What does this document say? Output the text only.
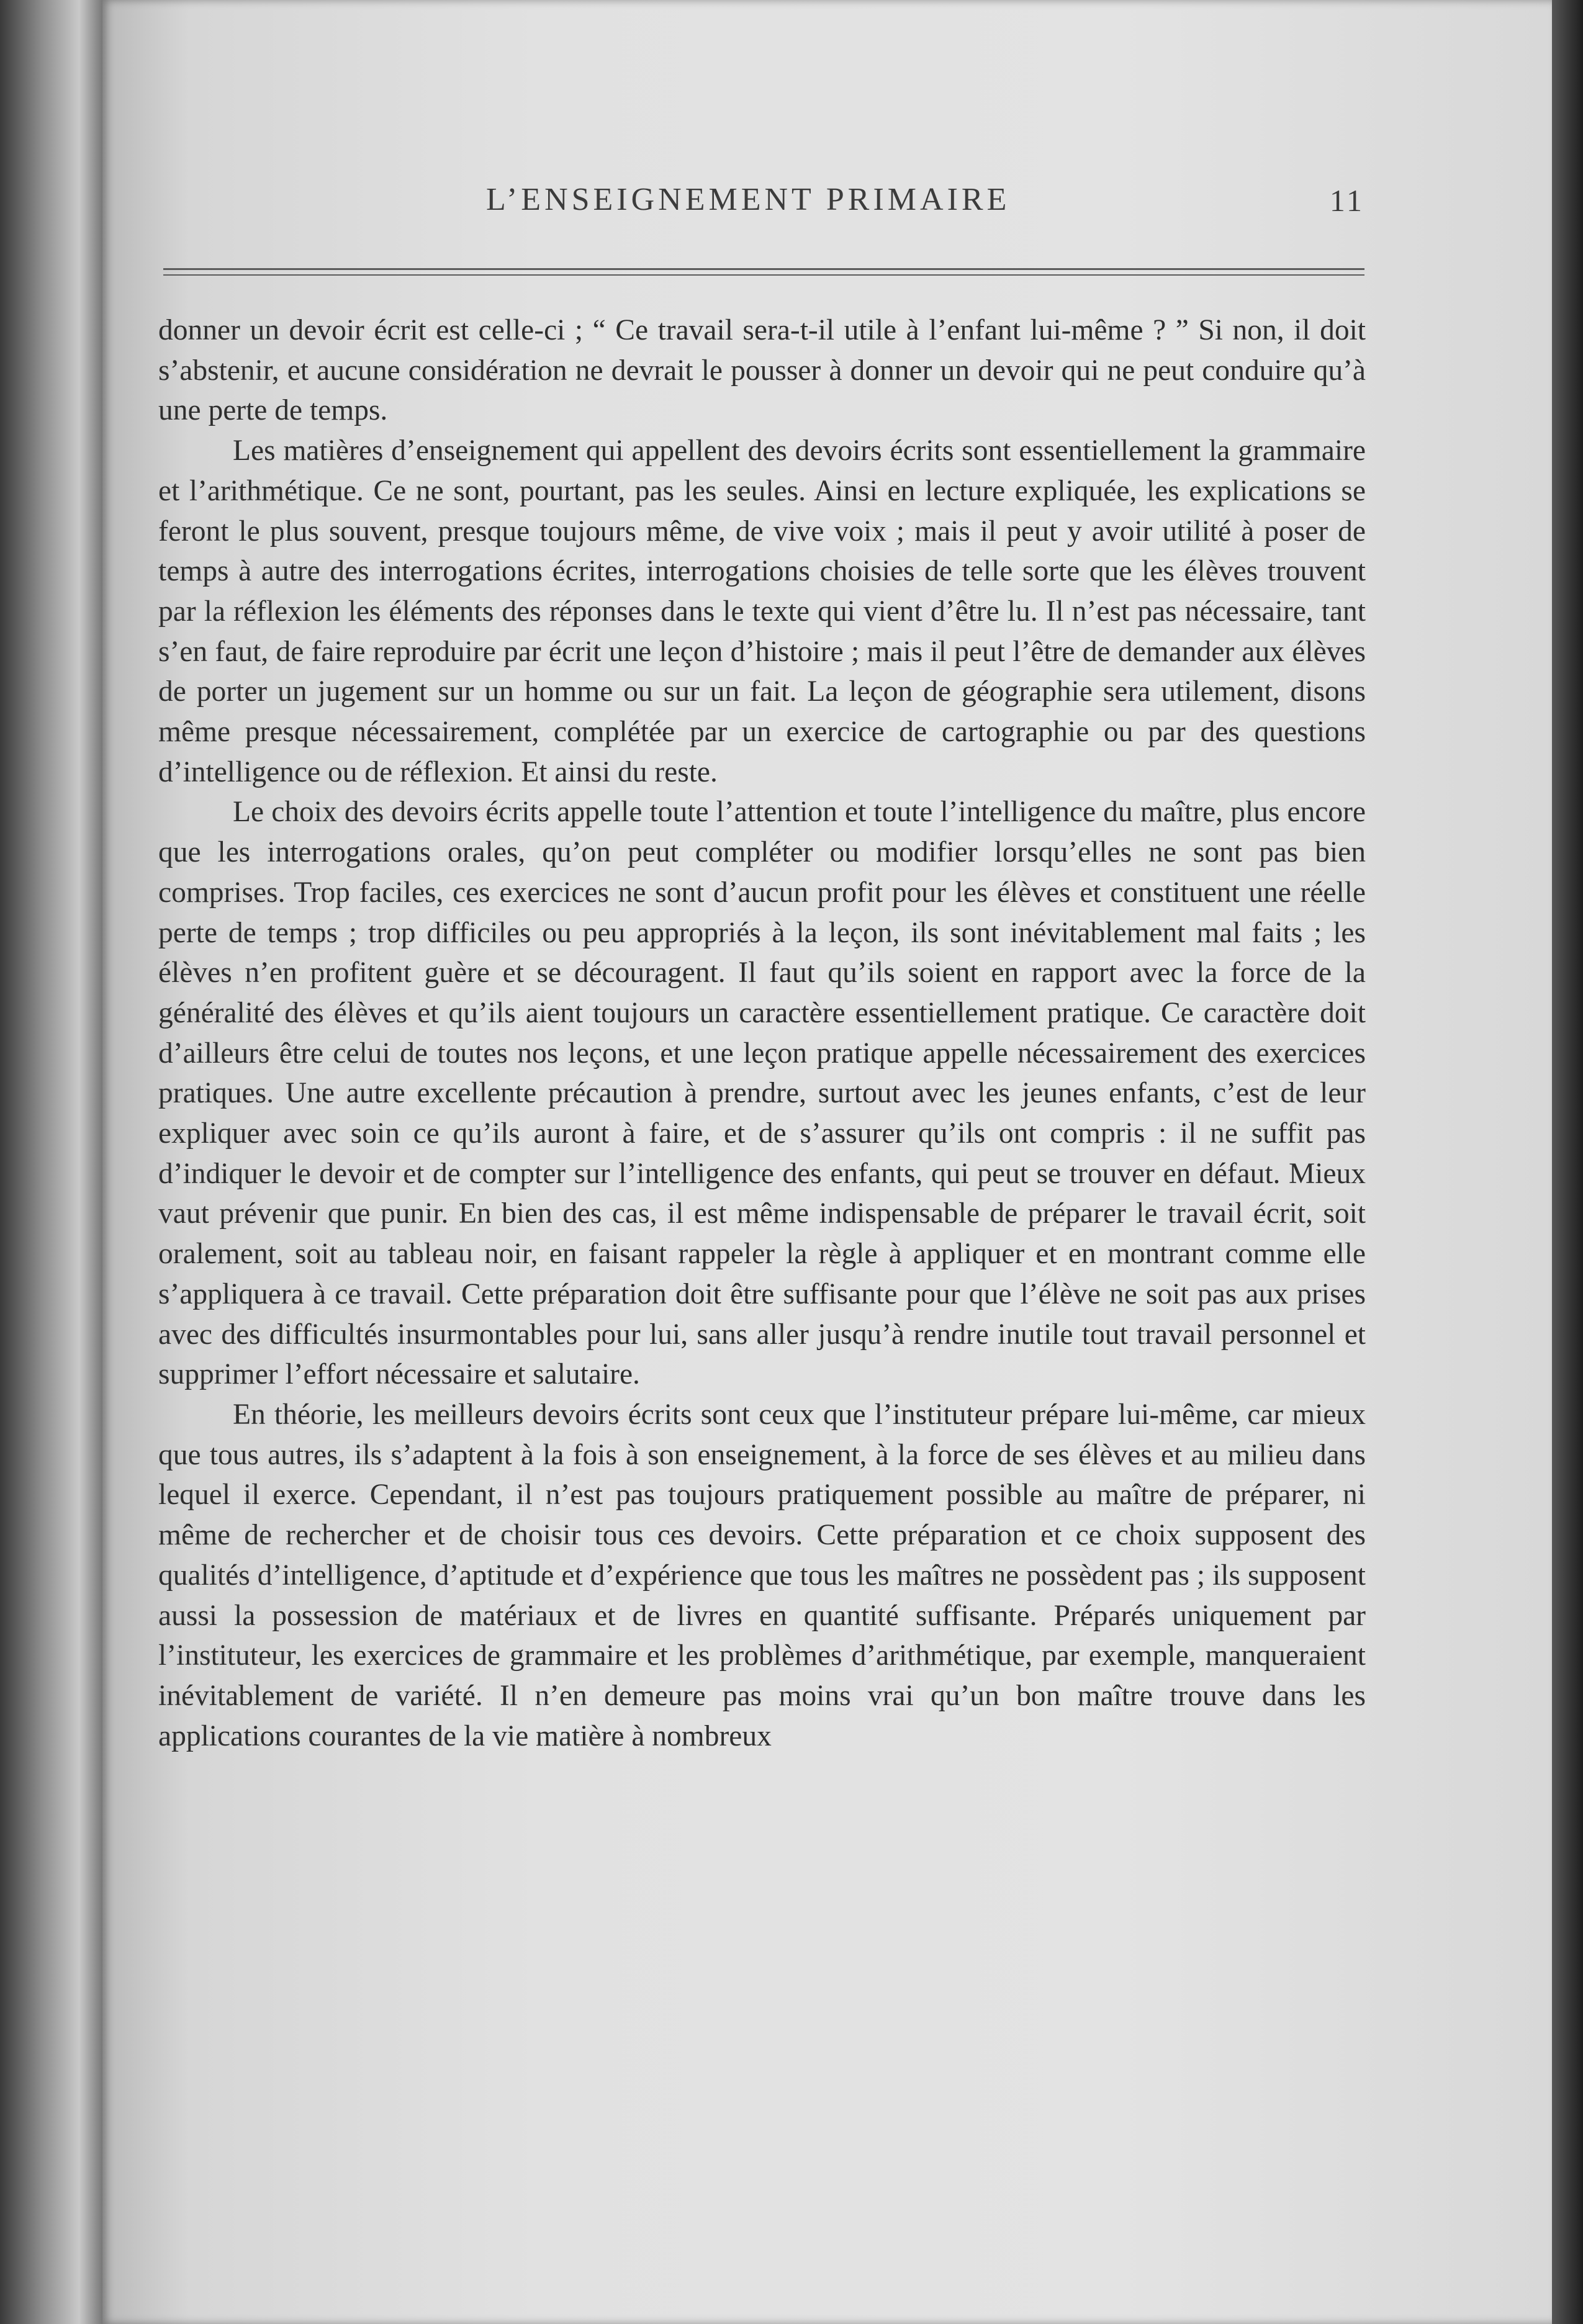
L’ENSEIGNEMENT PRIMAIRE	11

donner un devoir écrit est celle-ci ; “ Ce travail sera-t-il utile à l’enfant lui-même ? ” Si non, il doit s’abstenir, et aucune considération ne devrait le pousser à donner un devoir qui ne peut conduire qu’à une perte de temps.

Les matières d’enseignement qui appellent des devoirs écrits sont essentiellement la grammaire et l’arithmétique. Ce ne sont, pourtant, pas les seules. Ainsi en lecture expliquée, les explications se feront le plus souvent, presque toujours même, de vive voix ; mais il peut y avoir utilité à poser de temps à autre des interrogations écrites, interrogations choisies de telle sorte que les élèves trouvent par la réflexion les éléments des réponses dans le texte qui vient d’être lu. Il n’est pas nécessaire, tant s’en faut, de faire reproduire par écrit une leçon d’histoire ; mais il peut l’être de demander aux élèves de porter un jugement sur un homme ou sur un fait. La leçon de géographie sera utilement, disons même presque nécessairement, complétée par un exercice de cartographie ou par des questions d’intelligence ou de réflexion. Et ainsi du reste.

Le choix des devoirs écrits appelle toute l’attention et toute l’intelligence du maître, plus encore que les interrogations orales, qu’on peut compléter ou modifier lorsqu’elles ne sont pas bien comprises. Trop faciles, ces exercices ne sont d’aucun profit pour les élèves et constituent une réelle perte de temps ; trop difficiles ou peu appropriés à la leçon, ils sont inévitablement mal faits ; les élèves n’en profitent guère et se découragent. Il faut qu’ils soient en rapport avec la force de la généralité des élèves et qu’ils aient toujours un caractère essentiellement pratique. Ce caractère doit d’ailleurs être celui de toutes nos leçons, et une leçon pratique appelle nécessairement des exercices pratiques. Une autre excellente précaution à prendre, surtout avec les jeunes enfants, c’est de leur expliquer avec soin ce qu’ils auront à faire, et de s’assurer qu’ils ont compris : il ne suffit pas d’indiquer le devoir et de compter sur l’intelligence des enfants, qui peut se trouver en défaut. Mieux vaut prévenir que punir. En bien des cas, il est même indispensable de préparer le travail écrit, soit oralement, soit au tableau noir, en faisant rappeler la règle à appliquer et en montrant comme elle s’appliquera à ce travail. Cette préparation doit être suffisante pour que l’élève ne soit pas aux prises avec des difficultés insurmontables pour lui, sans aller jusqu’à rendre inutile tout travail personnel et supprimer l’effort nécessaire et salutaire.

En théorie, les meilleurs devoirs écrits sont ceux que l’instituteur prépare lui-même, car mieux que tous autres, ils s’adaptent à la fois à son enseignement, à la force de ses élèves et au milieu dans lequel il exerce. Cependant, il n’est pas toujours pratiquement possible au maître de préparer, ni même de rechercher et de choisir tous ces devoirs. Cette préparation et ce choix supposent des qualités d’intelligence, d’aptitude et d’expérience que tous les maîtres ne possèdent pas ; ils supposent aussi la possession de matériaux et de livres en quantité suffisante. Préparés uniquement par l’instituteur, les exercices de grammaire et les problèmes d’arithmétique, par exemple, manqueraient inévitablement de variété. Il n’en demeure pas moins vrai qu’un bon maître trouve dans les applications courantes de la vie matière à nombreux
